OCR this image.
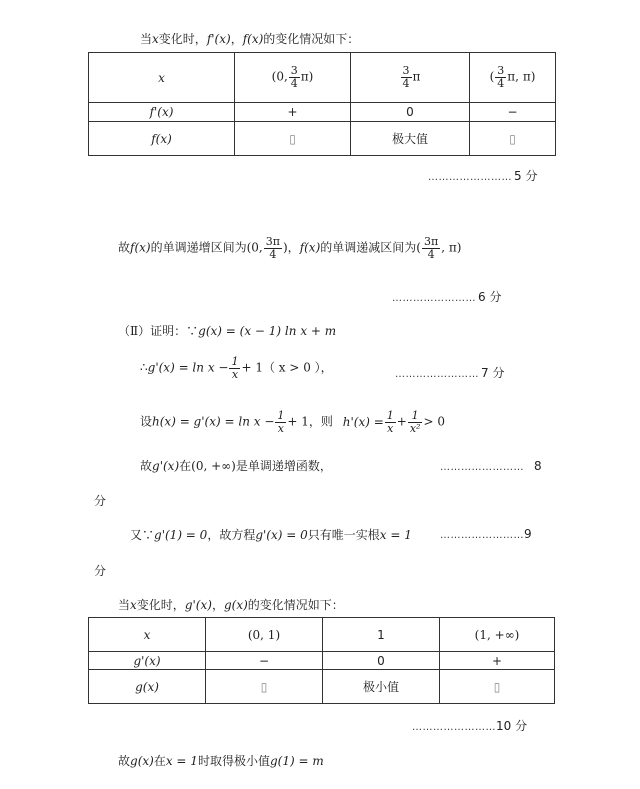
当x变化时，f'(x)，f(x)的变化情况如下：
x	(0, $\frac{3}{4} \pi$)	$\frac{3}{4}$ π	( $\frac{3}{4} \pi$, π)
f'(x)	+	0	−
f(x)	▯	极大值	▯
…………………… 5 分
故f(x)的单调递增区间为(0, $\frac{3\pi}{4}$ )，f(x)的单调递减区间为( $\frac{3\pi}{4}$ , π)
…………………… 6 分
（Ⅱ）证明：∵g(x) = (x − 1) ln x + m
∴g'(x) = $\ln x - \frac{1}{x} + 1$（ x > 0 ），	…………………… 7 分
设$h(x) = g'(x) = \ln x - \frac{1}{x} + 1$，则 $h'(x) = \frac{1}{x} + \frac{1}{\text{x²}} > 0$
故g'(x)在(0, +∞)是单调递增函数，	…………………… 8
分
又∵g'(1) = 0，故方程g'(x) = 0只有唯一实根x = 1	……………………9
分
当x变化时，g'(x)，g(x)的变化情况如下：
x	(0, 1)	1	(1, +∞)
g'(x)	−	0	+
g(x)	▯	极小值	▯
……………………10 分
故g(x)在x = 1时取得极小值g(1) = m
